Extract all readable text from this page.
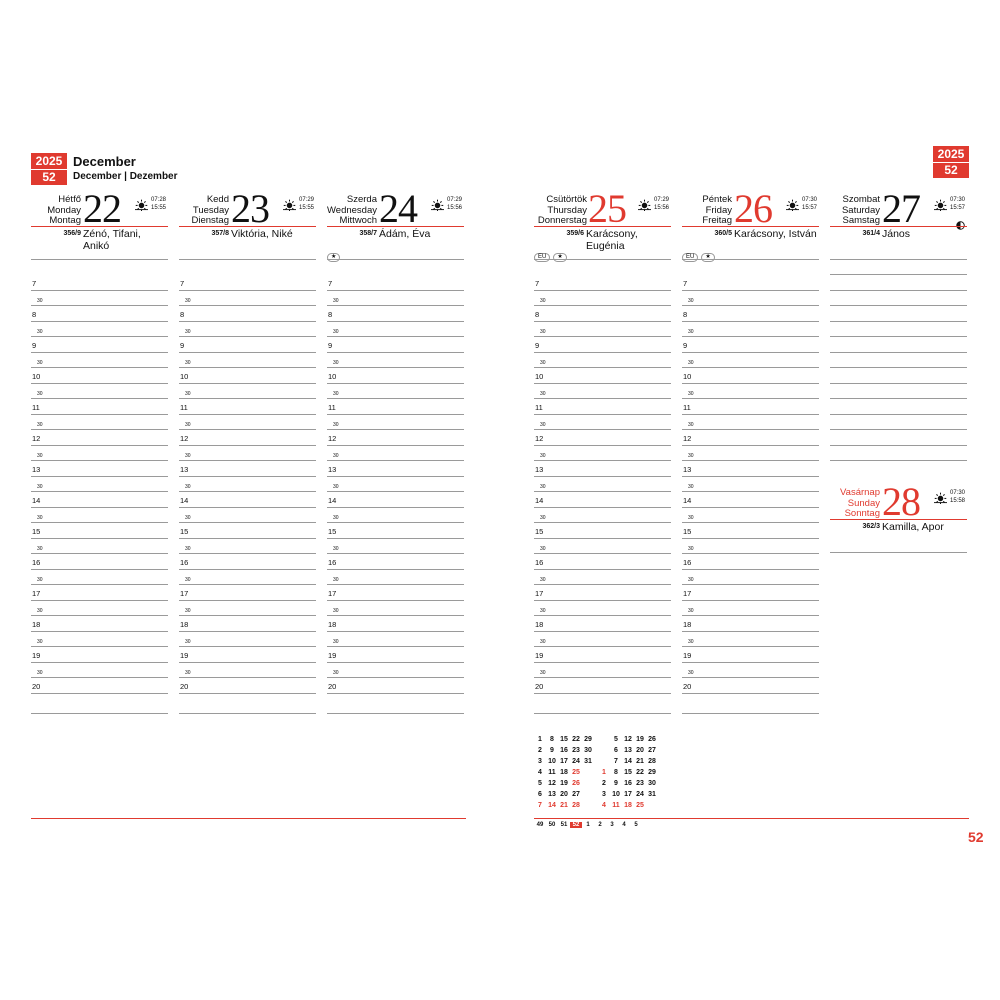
2025
52
December
December | Dezember
2025
52
Hétfő
Monday
Montag 22	07:28
15:55
356/9 Zénó, Tifani, Anikó
7
30
8
30
9
30
10
30
11
30
12
30
13
30
14
30
15
30
16
30
17
30
18
30
19
30
20
Kedd
Tuesday
Dienstag 23	07:29
15:55
357/8 Viktória, Niké
7
30
8
30
9
30
10
30
11
30
12
30
13
30
14
30
15
30
16
30
17
30
18
30
19
30
20
Szerda
Wednesday
Mittwoch 24	07:29
15:56
358/7 Ádám, Éva
★
7
30
8
30
9
30
10
30
11
30
12
30
13
30
14
30
15
30
16
30
17
30
18
30
19
30
20
Csütörtök
Thursday
Donnerstag 25	07:29
15:56
359/6 Karácsony, Eugénia
EU ★
7
30
8
30
9
30
10
30
11
30
12
30
13
30
14
30
15
30
16
30
17
30
18
30
19
30
20
Péntek
Friday
Freitag 26	07:30
15:57
360/5 Karácsony, István
EU ★
7
30
8
30
9
30
10
30
11
30
12
30
13
30
14
30
15
30
16
30
17
30
18
30
19
30
20
Szombat
Saturday
Samstag 27	07:30
15:57
361/4 János
Vasárnap
Sunday
Sonntag 28	07:30
15:58
362/3 Kamilla, Apor
1 8 15 22 29
2 9 16 23 30
3 10 17 24 31
4 11 18 25
5 12 19 26
6 13 20 27
7 14 21 28
5 12 19 26
6 13 20 27
7 14 21 28
1 8 15 22 29
2 9 16 23 30
3 10 17 24 31
4 11 18 25
49 50 51 52 1 2 3 4 5
52
